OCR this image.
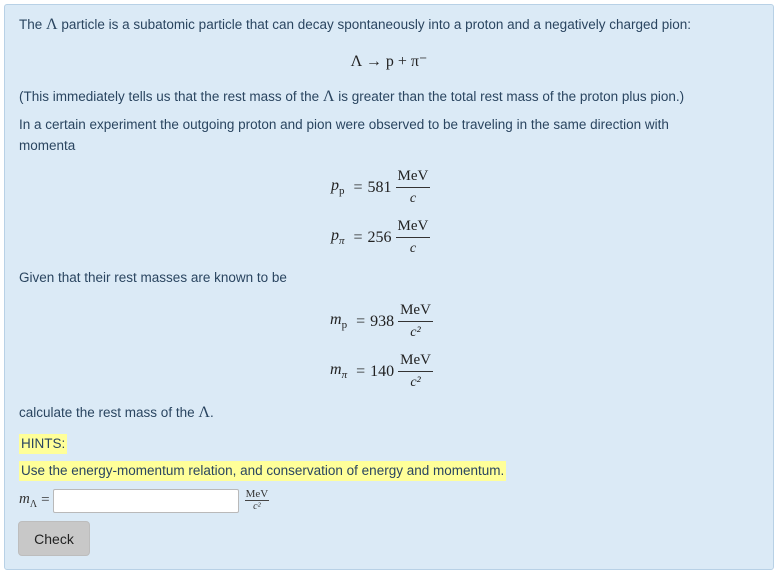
The Λ particle is a subatomic particle that can decay spontaneously into a proton and a negatively charged pion:
Λ → p + π⁻
(This immediately tells us that the rest mass of the Λ is greater than the total rest mass of the proton plus pion.)
In a certain experiment the outgoing proton and pion were observed to be traveling in the same direction with
momenta
$p_p = 581 \frac{\text{MeV}}{c}$
$p_\pi = 256 \frac{\text{MeV}}{c}$
Given that their rest masses are known to be
$m_p = 938 \frac{\text{MeV}}{\text{c²}}$
$m_\pi = 140 \frac{\text{MeV}}{\text{c²}}$
calculate the rest mass of the Λ.
HINTS:
Use the energy-momentum relation, and conservation of energy and momentum.
$m_\Lambda$ =	$\frac{\text{MeV}}{\text{c²}}$
Check
